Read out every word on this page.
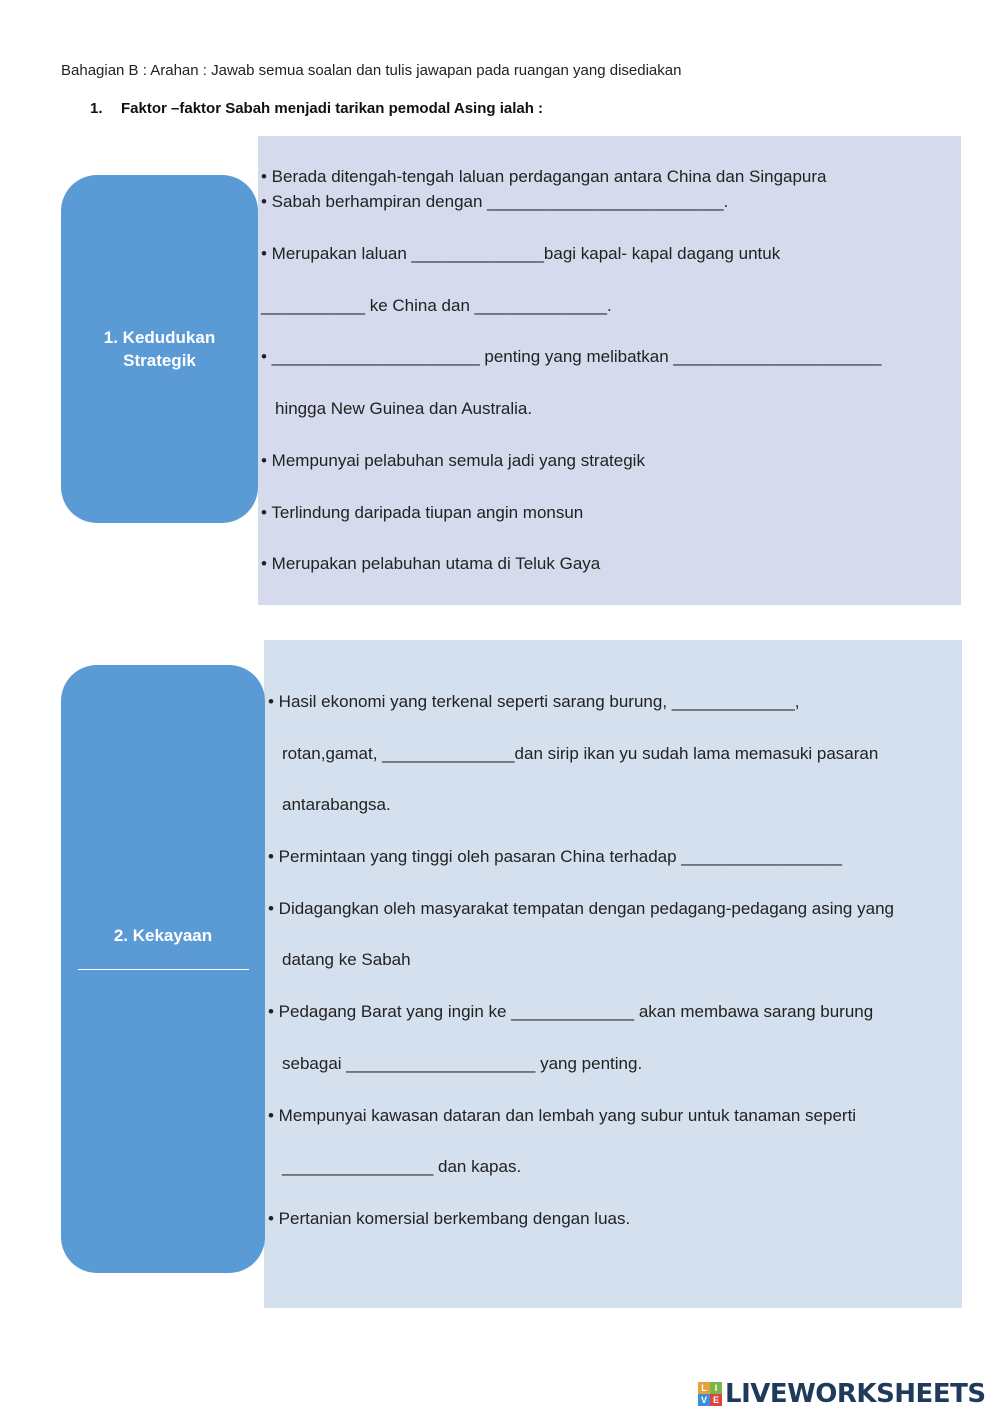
Bahagian B : Arahan : Jawab semua soalan dan tulis jawapan pada ruangan yang disediakan
1. Faktor –faktor Sabah menjadi tarikan pemodal Asing ialah :
1. Kedudukan
Strategik
• Berada ditengah-tengah laluan perdagangan antara China dan Singapura
• Sabah berhampiran dengan _________________________.
• Merupakan laluan ______________bagi kapal- kapal dagang untuk
___________ ke China dan ______________.
• ______________________ penting yang melibatkan ______________________
hingga New Guinea dan Australia.
• Mempunyai pelabuhan semula jadi yang strategik
• Terlindung daripada tiupan angin monsun
• Merupakan pelabuhan utama di Teluk Gaya
2. Kekayaan
• Hasil ekonomi yang terkenal seperti sarang burung, _____________,
rotan,gamat, ______________dan sirip ikan yu sudah lama memasuki pasaran
antarabangsa.
• Permintaan yang tinggi oleh pasaran China terhadap _________________
• Didagangkan oleh masyarakat tempatan dengan pedagang-pedagang asing yang
datang ke Sabah
• Pedagang Barat yang ingin ke _____________ akan membawa sarang burung
sebagai ____________________ yang penting.
• Mempunyai kawasan dataran dan lembah yang subur untuk tanaman seperti
________________ dan kapas.
• Pertanian komersial berkembang dengan luas.
L I
V E LIVEWORKSHEETS
